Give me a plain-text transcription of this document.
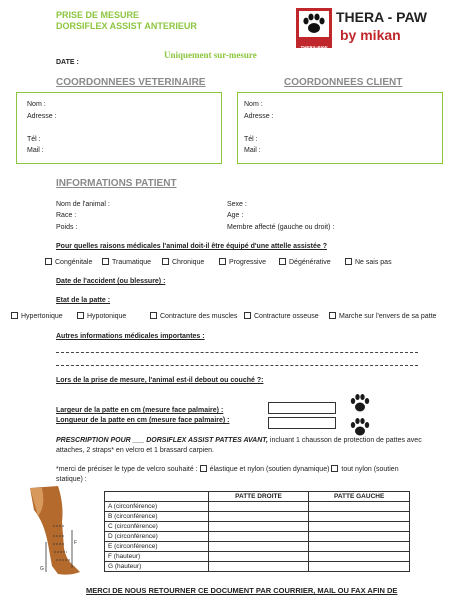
PRISE DE MESURE
DORSIFLEX ASSIST ANTERIEUR
Uniquement sur-mesure
DATE :
THERA-PAW
THERA - PAW
by mikan
COORDONNEES VETERINAIRE	COORDONNEES CLIENT
Nom :
Adresse :
Tél :
Mail :
Nom :
Adresse :
Tél :
Mail :
INFORMATIONS PATIENT
Nom de l'animal :
Race :
Poids :
Sexe :
Age :
Membre affecté (gauche ou droit) :
Pour quelles raisons médicales l'animal doit-il être équipé d'une attelle assistée ?
Congénitale	Traumatique	Chronique	Progressive	Dégénérative	Ne sais pas
Date de l'accident (ou blessure) :
Etat de la patte :
Hypertonique	Hypotonique	Contracture des muscles	Contracture osseuse	Marche sur l'envers de sa patte
Autres informations médicales importantes :
Lors de la prise de mesure, l'animal est-il debout ou couché ?:
Largeur de la patte en cm (mesure face palmaire) :
Longueur de la patte en cm (mesure face palmaire) :
PRESCRIPTION POUR ___ DORSIFLEX ASSIST PATTES AVANT, incluant 1 chausson de protection de pattes avec
attaches, 2 straps* en velcro et 1 brassard carpien.
*merci de préciser le type de velcro souhaité : élastique et nylon (soutien dynamique) tout nylon (soutien
statique) :
A
B
C
D
E
F
G
	PATTE DROITE	PATTE GAUCHE
A (circonférence)		
B (circonférence)		
C (circonférence)		
D (circonférence)		
E (circonférence)		
F (hauteur)		
G (hauteur)		
MERCI DE NOUS RETOURNER CE DOCUMENT PAR COURRIER, MAIL OU FAX AFIN DE
